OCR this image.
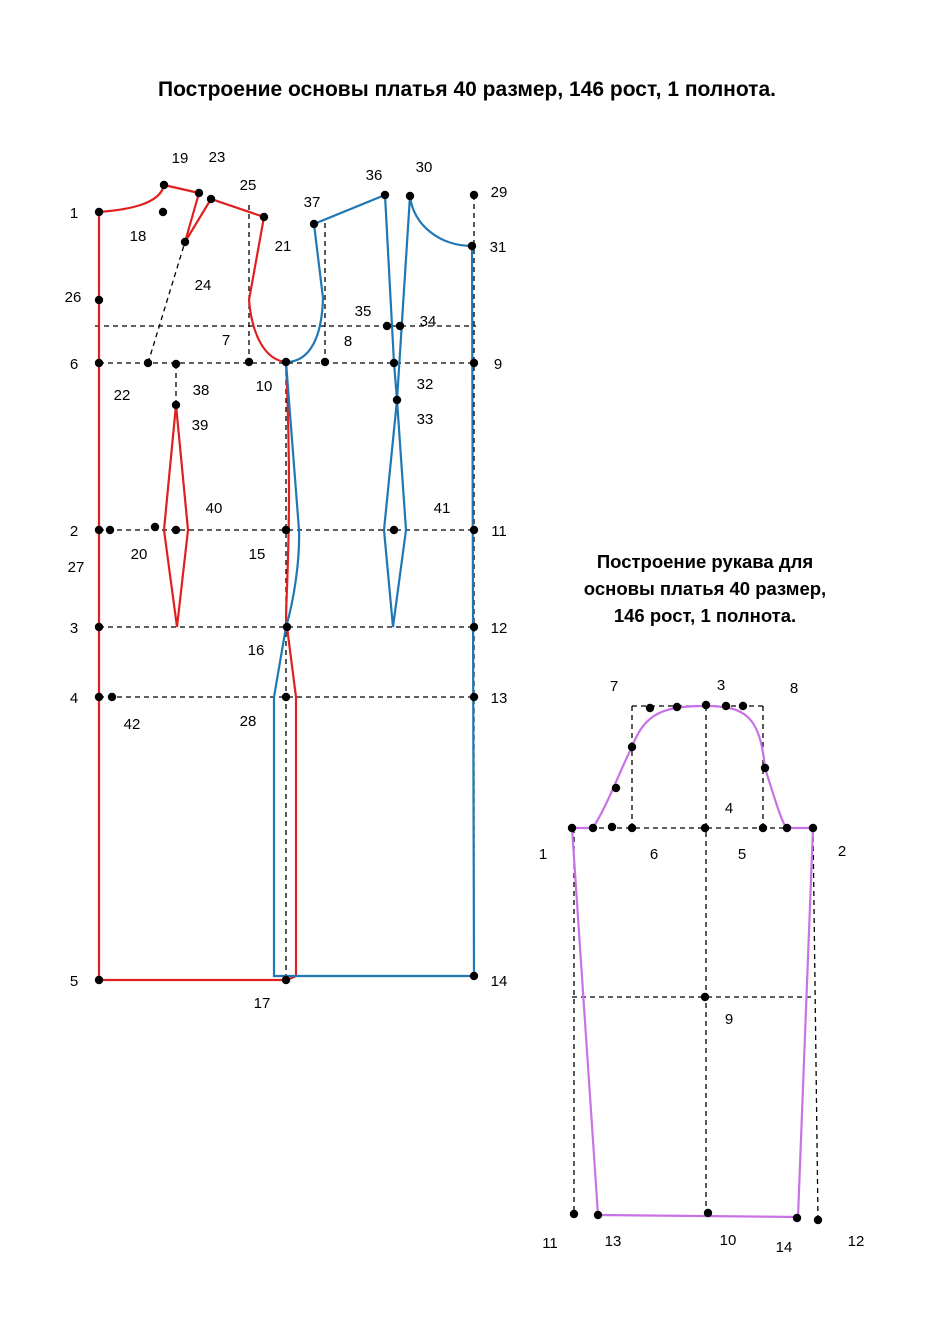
Построение основы платья 40 размер, 146 рост, 1 полнота.
Построение рукава для
основы платья 40 размер,
146 рост, 1 полнота.
1
2
3
4
5
6
7	8
9
10
11
12
13
14
15
16
17
18
19
20
21
22
23
24
25
26
27
28
29
30
31
32
33
34
35
36
37
38
39
40	41
42
1	2
3
4
5
6
7	8
9
10
11	12
13	14
